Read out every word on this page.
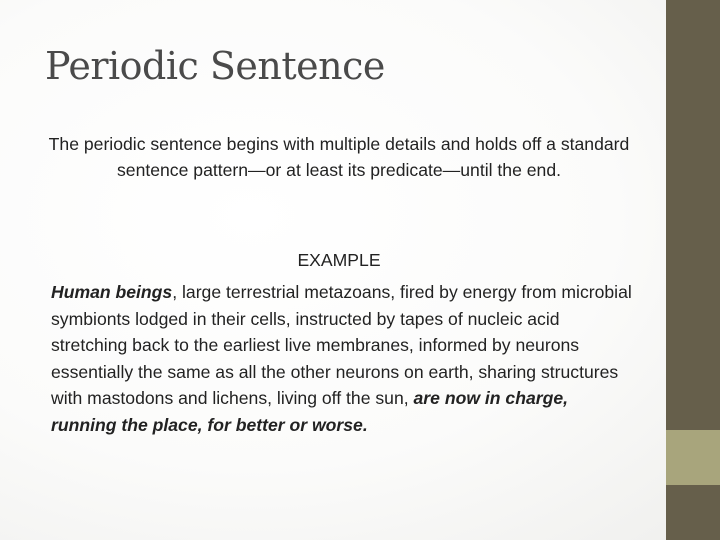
Periodic Sentence

The periodic sentence begins with multiple details and holds off a standard sentence pattern—or at least its predicate—until the end.

EXAMPLE

Human beings, large terrestrial metazoans, fired by energy from microbial symbionts lodged in their cells, instructed by tapes of nucleic acid stretching back to the earliest live membranes, informed by neurons essentially the same as all the other neurons on earth, sharing structures with mastodons and lichens, living off the sun, are now in charge, running the place, for better or worse.
